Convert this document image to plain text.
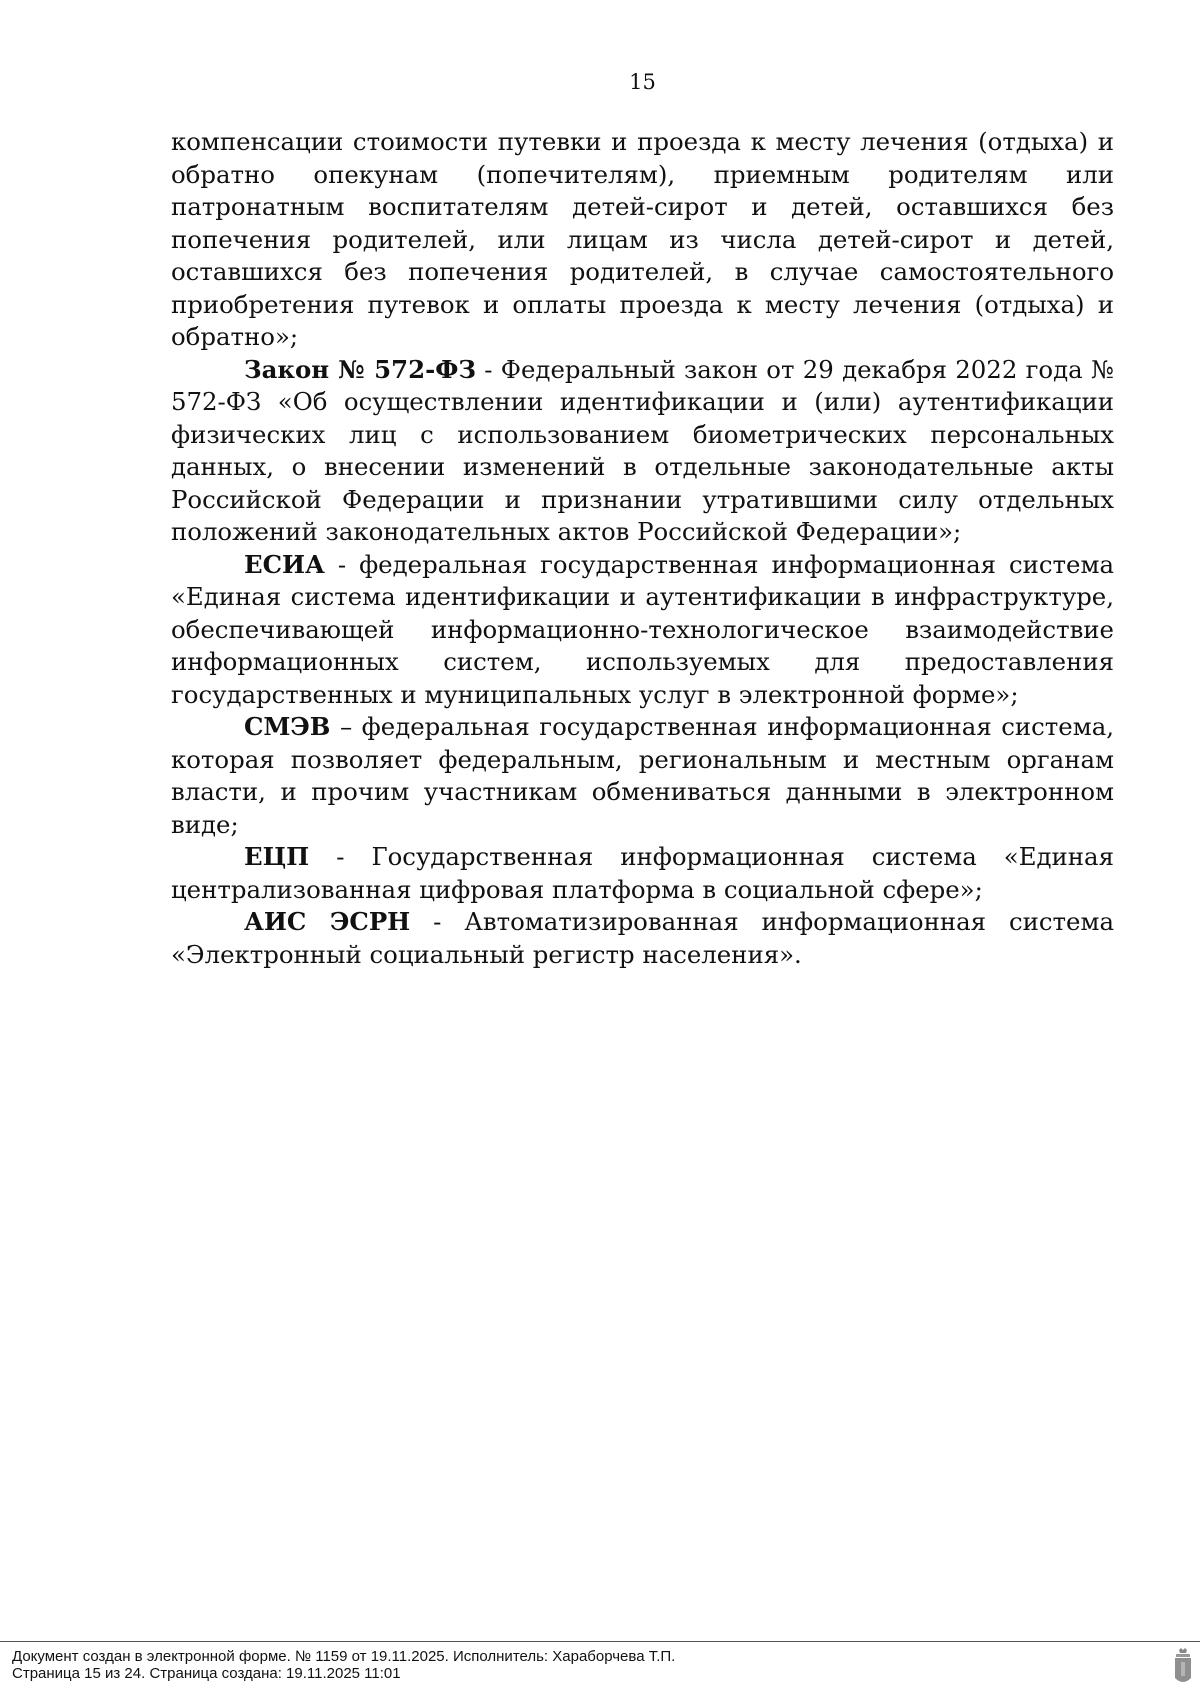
15

компенсации стоимости путевки и проезда к месту лечения (отдыха) и обратно опекунам (попечителям), приемным родителям или патронатным воспитателям детей-сирот и детей, оставшихся без попечения родителей, или лицам из числа детей-сирот и детей, оставшихся без попечения родителей, в случае самостоятельного приобретения путевок и оплаты проезда к месту лечения (отдыха) и обратно»;

Закон № 572-ФЗ - Федеральный закон от 29 декабря 2022 года № 572-ФЗ «Об осуществлении идентификации и (или) аутентификации физических лиц с использованием биометрических персональных данных, о внесении изменений в отдельные законодательные акты Российской Федерации и признании утратившими силу отдельных положений законодательных актов Российской Федерации»;

ЕСИА - федеральная государственная информационная система «Единая система идентификации и аутентификации в инфраструктуре, обеспечивающей информационно-технологическое взаимодействие информационных систем, используемых для предоставления государственных и муниципальных услуг в электронной форме»;

СМЭВ – федеральная государственная информационная система, которая позволяет федеральным, региональным и местным органам власти, и прочим участникам обмениваться данными в электронном виде;

ЕЦП - Государственная информационная система «Единая централизованная цифровая платформа в социальной сфере»;

АИС ЭСРН - Автоматизированная информационная система «Электронный социальный регистр населения».

Документ создан в электронной форме. № 1159 от 19.11.2025. Исполнитель: Хараборчева Т.П.
Страница 15 из 24. Страница создана: 19.11.2025 11:01
